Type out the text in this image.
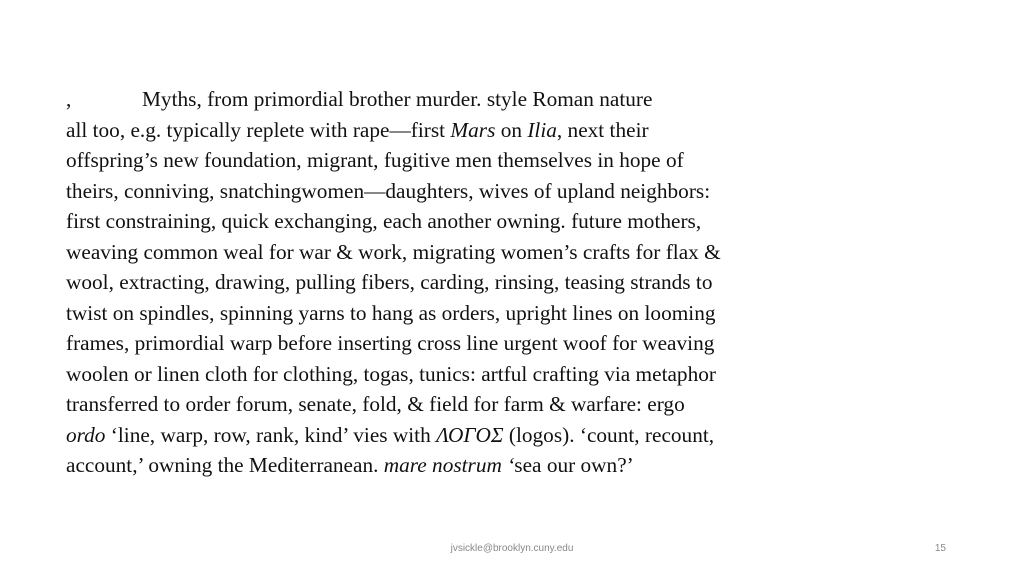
,	Myths, from primordial brother murder. style Roman nature
all too, e.g. typically replete with rape—first Mars on Ilia, next their
offspring’s new foundation, migrant, fugitive men themselves in hope of
theirs, conniving, snatchingwomen—daughters, wives of upland neighbors:
first constraining, quick exchanging, each another owning. future mothers,
weaving common weal for war & work, migrating women’s crafts for flax &
wool, extracting, drawing, pulling fibers, carding, rinsing, teasing strands to
twist on spindles, spinning yarns to hang as orders, upright lines on looming
frames, primordial warp before inserting cross line urgent woof for weaving
woolen or linen cloth for clothing, togas, tunics: artful crafting via metaphor
transferred to order forum, senate, fold, & field for farm & warfare: ergo
ordo ‘line, warp, row, rank, kind’ vies with ΛΟΓΟΣ (logos). ‘count, recount,
account,’ owning the Mediterranean. mare nostrum ‘sea our own?’
jvsickle@brooklyn.cuny.edu	15
